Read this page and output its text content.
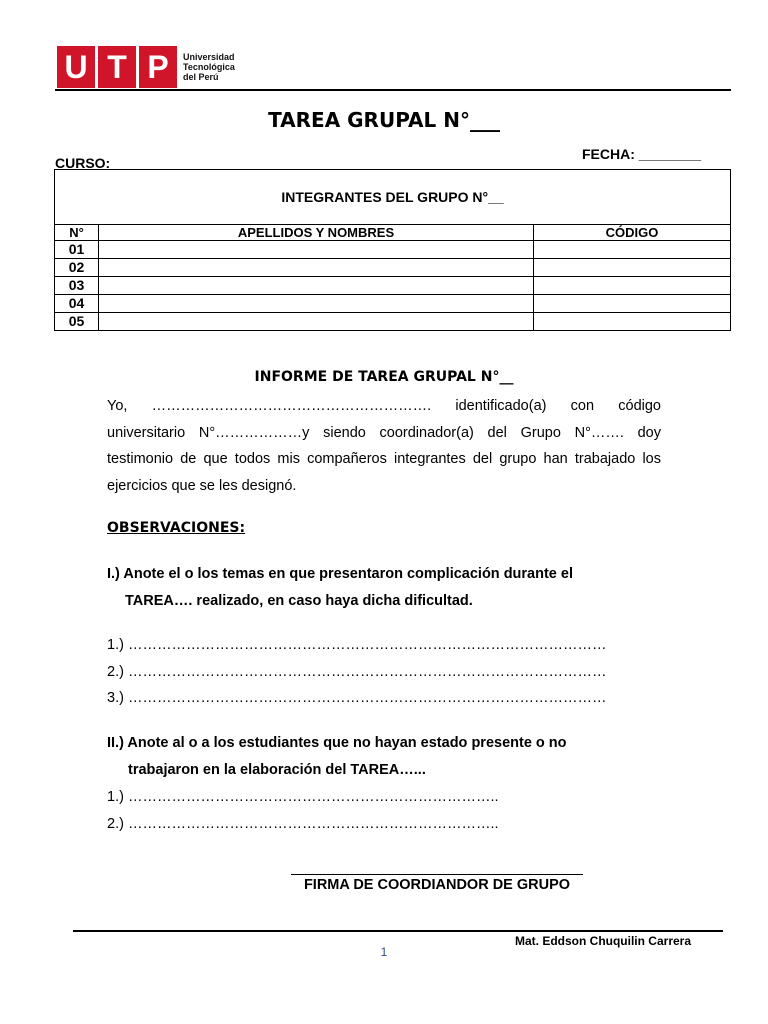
U T P	Universidad
Tecnológica
del Perú
TAREA GRUPAL N°___
CURSO: ___________________________________
FECHA: ________
INTEGRANTES DEL GRUPO N°__		
N°	APELLIDOS Y NOMBRES	CÓDIGO
01		
02		
03		
04		
05		
INFORME DE TAREA GRUPAL N°__

Yo, …………………………………………………. identificado(a) con código

universitario N°………………y siendo coordinador(a) del Grupo N°……. doy

testimonio de que todos mis compañeros integrantes del grupo han trabajado los

ejercicios que se les designó.

OBSERVACIONES:
I.) Anote el o los temas en que presentaron complicación durante el
TAREA…. realizado, en caso haya dicha dificultad.
1.) ………………………………………………………………………………………
2.) ………………………………………………………………………………………
3.) ………………………………………………………………………………………
II.) Anote al o a los estudiantes que no hayan estado presente o no
trabajaron en la elaboración del TAREA…...
1.) …………………………………………………………………..
2.) …………………………………………………………………..
FIRMA DE COORDIANDOR DE GRUPO
Mat. Eddson Chuquilin Carrera
1
